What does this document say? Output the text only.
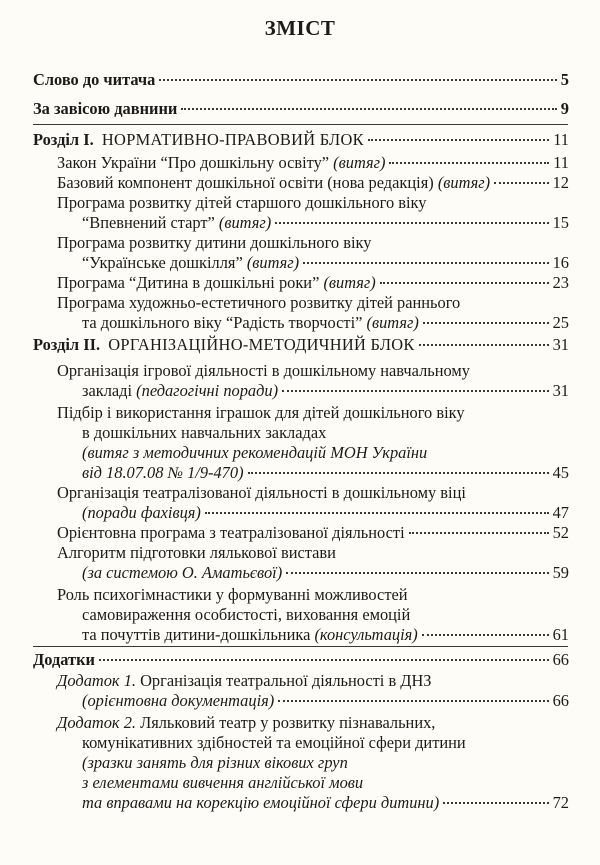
ЗМІСТ
Слово до читача	5
За завісою давнини	9
Розділ I. НОРМАТИВНО-ПРАВОВИЙ БЛОК	11
Закон України “Про дошкільну освіту” (витяг)	11
Базовий компонент дошкільної освіти (нова редакція) (витяг)	12
Програма розвитку дітей старшого дошкільного віку
“Впевнений старт” (витяг)	15
Програма розвитку дитини дошкільного віку
“Українське дошкілля” (витяг)	16
Програма “Дитина в дошкільні роки” (витяг)	23
Програма художньо-естетичного розвитку дітей раннього
та дошкільного віку “Радість творчості” (витяг)	25
Розділ II. ОРГАНІЗАЦІЙНО-МЕТОДИЧНИЙ БЛОК	31
Організація ігрової діяльності в дошкільному навчальному
закладі (педагогічні поради)	31
Підбір і використання іграшок для дітей дошкільного віку
в дошкільних навчальних закладах
(витяг з методичних рекомендацій МОН України
від 18.07.08 № 1/9-470)	45
Організація театралізованої діяльності в дошкільному віці
(поради фахівця)	47
Орієнтовна програма з театралізованої діяльності	52
Алгоритм підготовки лялькової вистави
(за системою О. Аматьєвої)	59
Роль психогімнастики у формуванні можливостей
самовираження особистості, виховання емоцій
та почуттів дитини-дошкільника (консультація)	61
Додатки	66
Додаток 1. Організація театральної діяльності в ДНЗ
(орієнтовна документація)	66
Додаток 2. Ляльковий театр у розвитку пізнавальних,
комунікативних здібностей та емоційної сфери дитини
(зразки занять для різних вікових груп
з елементами вивчення англійської мови
та вправами на корекцію емоційної сфери дитини)	72
